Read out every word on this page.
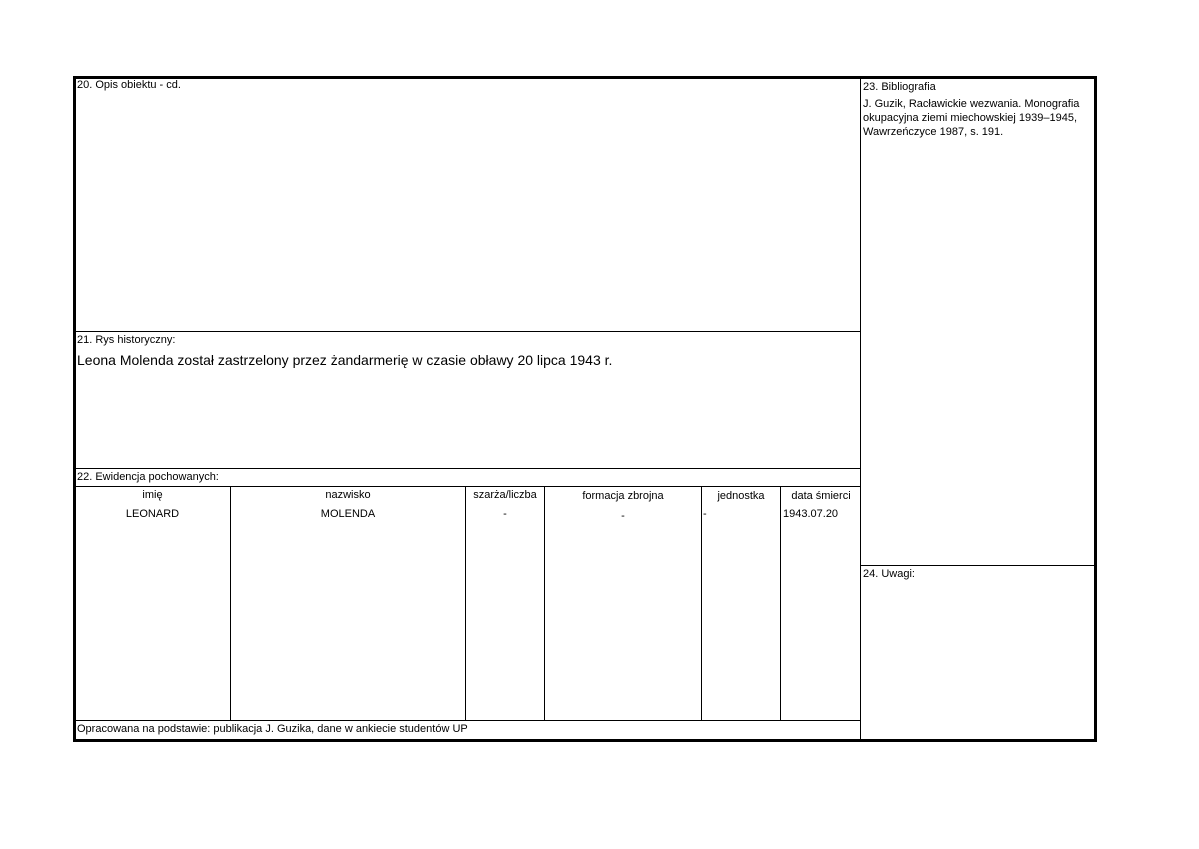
20. Opis obiektu - cd.
21. Rys historyczny:
Leona Molenda został zastrzelony przez żandarmerię w czasie obławy 20 lipca 1943 r.
22. Ewidencja pochowanych:
imię	nazwisko	szarża/liczba	formacja zbrojna	jednostka	data śmierci
LEONARD	MOLENDA	-	-	-	1943.07.20
Opracowana na podstawie: publikacja J. Guzika, dane w ankiecie studentów UP
23. Bibliografia
J. Guzik, Racławickie wezwania. Monografia okupacyjna ziemi miechowskiej 1939–1945, Wawrzeńczyce 1987, s. 191.
24. Uwagi:
